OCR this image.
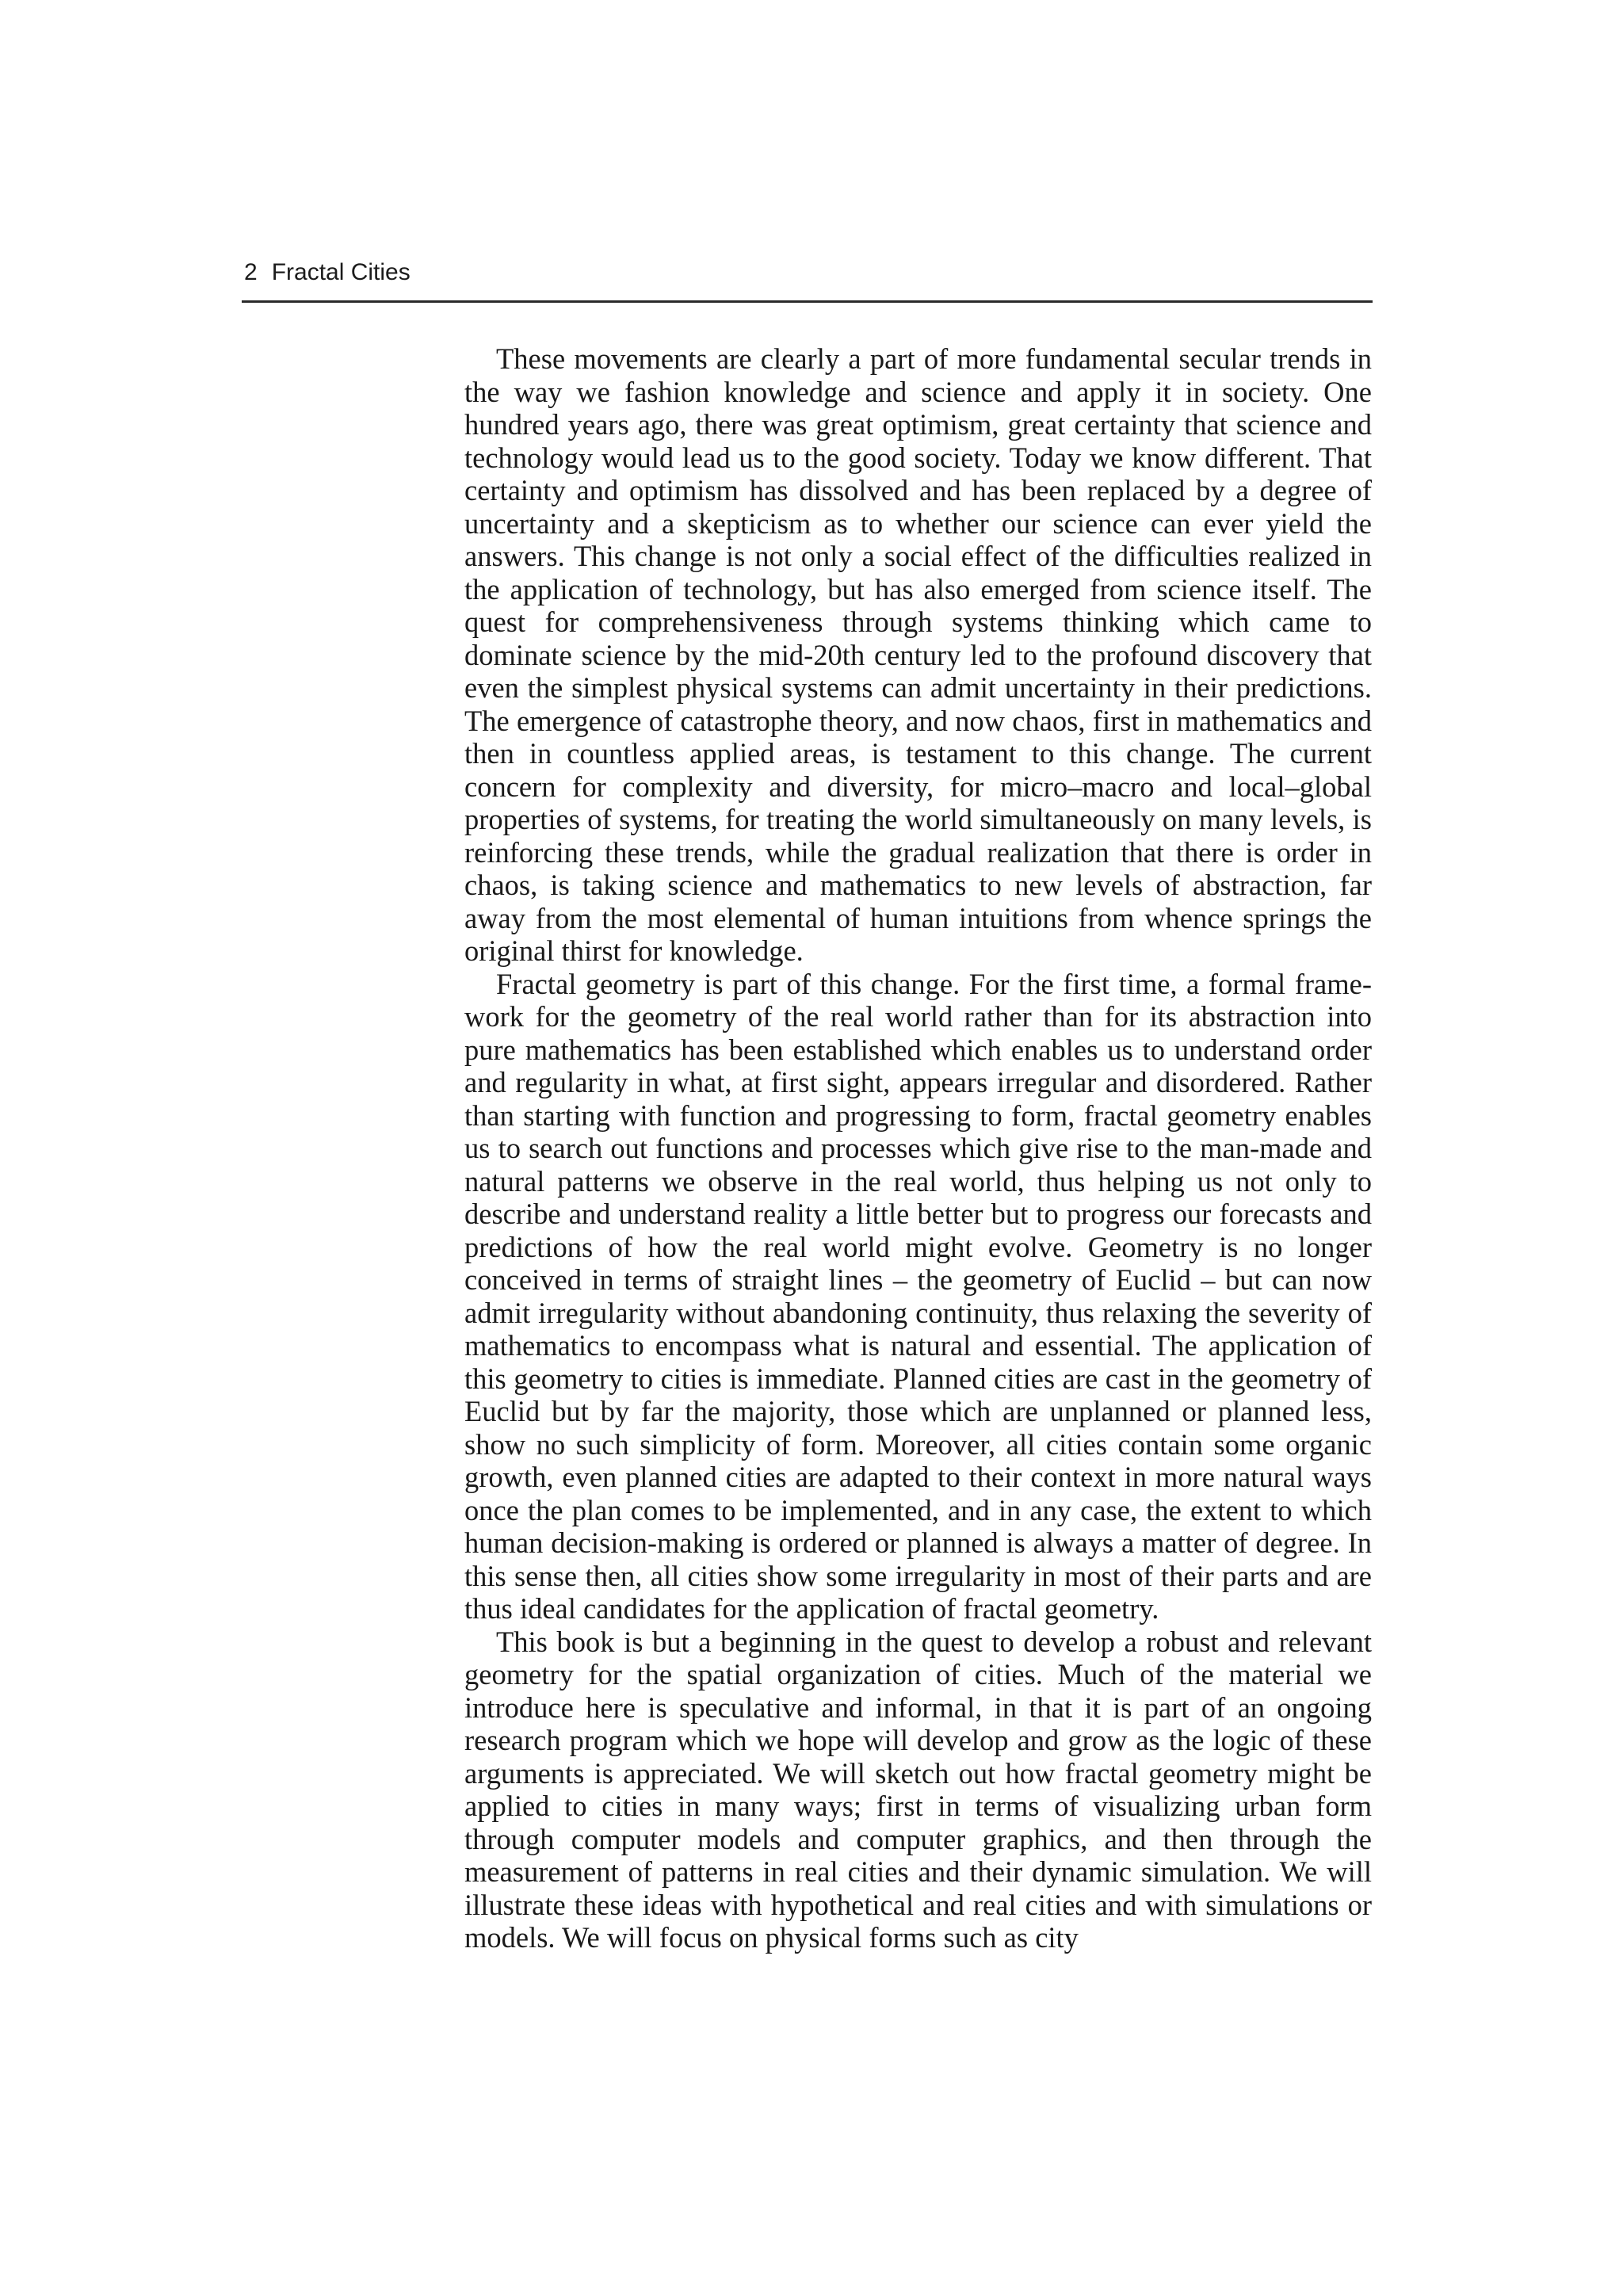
2 Fractal Cities

These movements are clearly a part of more fundamental secular trends in the way we fashion knowledge and science and apply it in society. One hundred years ago, there was great optimism, great certainty that science and technology would lead us to the good society. Today we know different. That certainty and optimism has dissolved and has been replaced by a degree of uncertainty and a skepticism as to whether our science can ever yield the answers. This change is not only a social effect of the difficulties realized in the application of technology, but has also emerged from science itself. The quest for comprehensiveness through systems thinking which came to dominate science by the mid-20th century led to the profound discovery that even the simplest physical systems can admit uncertainty in their predictions. The emergence of catastrophe theory, and now chaos, first in mathematics and then in countless applied areas, is testament to this change. The current concern for complexity and diversity, for micro–macro and local–global properties of systems, for treating the world simultaneously on many levels, is reinforcing these trends, while the gradual realization that there is order in chaos, is taking science and mathematics to new levels of abstraction, far away from the most elemental of human intuitions from whence springs the original thirst for knowledge.

Fractal geometry is part of this change. For the first time, a formal framework for the geometry of the real world rather than for its abstraction into pure mathematics has been established which enables us to understand order and regularity in what, at first sight, appears irregular and disordered. Rather than starting with function and progressing to form, fractal geometry enables us to search out functions and processes which give rise to the man-made and natural patterns we observe in the real world, thus helping us not only to describe and understand reality a little better but to progress our forecasts and predictions of how the real world might evolve. Geometry is no longer conceived in terms of straight lines – the geometry of Euclid – but can now admit irregularity without abandoning continuity, thus relaxing the severity of mathematics to encompass what is natural and essential. The application of this geometry to cities is immediate. Planned cities are cast in the geometry of Euclid but by far the majority, those which are unplanned or planned less, show no such simplicity of form. Moreover, all cities contain some organic growth, even planned cities are adapted to their context in more natural ways once the plan comes to be implemented, and in any case, the extent to which human decision-making is ordered or planned is always a matter of degree. In this sense then, all cities show some irregularity in most of their parts and are thus ideal candidates for the application of fractal geometry.

This book is but a beginning in the quest to develop a robust and relevant geometry for the spatial organization of cities. Much of the material we introduce here is speculative and informal, in that it is part of an ongoing research program which we hope will develop and grow as the logic of these arguments is appreciated. We will sketch out how fractal geometry might be applied to cities in many ways; first in terms of visualizing urban form through computer models and computer graphics, and then through the measurement of patterns in real cities and their dynamic simulation. We will illustrate these ideas with hypothetical and real cities and with simulations or models. We will focus on physical forms such as city
